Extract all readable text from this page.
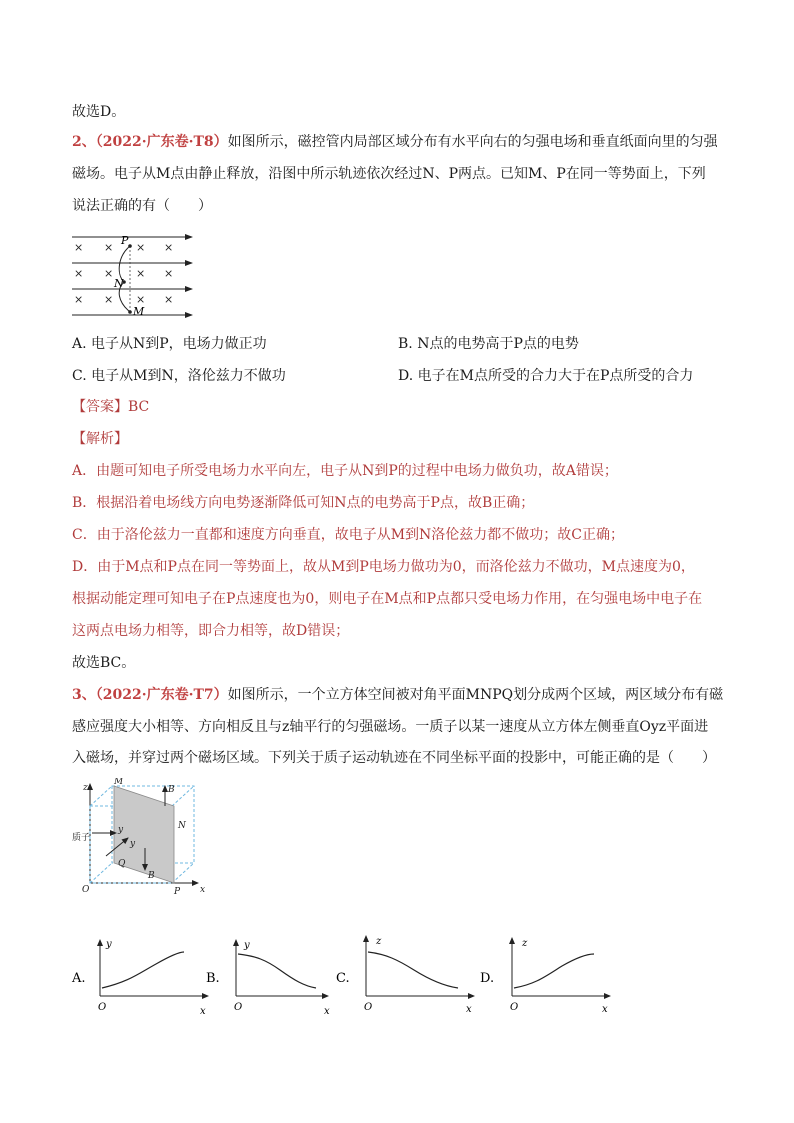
故选D。
2、（2022·广东卷·T8）如图所示，磁控管内局部区域分布有水平向右的匀强电场和垂直纸面向里的匀强
磁场。电子从M点由静止释放，沿图中所示轨迹依次经过N、P两点。已知M、P在同一等势面上，下列
说法正确的有（　　）
× × × ×
× × × ×
× × × ×
P
N
M
A. 电子从N到P，电场力做正功	B. N点的电势高于P点的电势
C. 电子从M到N，洛伦兹力不做功	D. 电子在M点所受的合力大于在P点所受的合力
【答案】BC
【解析】
A．由题可知电子所受电场力水平向左，电子从N到P的过程中电场力做负功，故A错误；
B．根据沿着电场线方向电势逐渐降低可知N点的电势高于P点，故B正确；
C．由于洛伦兹力一直都和速度方向垂直，故电子从M到N洛伦兹力都不做功；故C正确；
D．由于M点和P点在同一等势面上，故从M到P电场力做功为0，而洛伦兹力不做功，M点速度为0，
根据动能定理可知电子在P点速度也为0，则电子在M点和P点都只受电场力作用，在匀强电场中电子在
这两点电场力相等，即合力相等，故D错误；
故选BC。
3、（2022·广东卷·T7）如图所示，一个立方体空间被对角平面MNPQ划分成两个区域，两区域分布有磁
感应强度大小相等、方向相反且与z轴平行的匀强磁场。一质子以某一速度从立方体左侧垂直Oyz平面进
入磁场，并穿过两个磁场区域。下列关于质子运动轨迹在不同坐标平面的投影中，可能正确的是（　　）
z
M
B
N
质子
y
y
Q
B
O	P x
A.
y
O	x
B.
y
O	x
C.
z
O	x
D.
z
O	x
